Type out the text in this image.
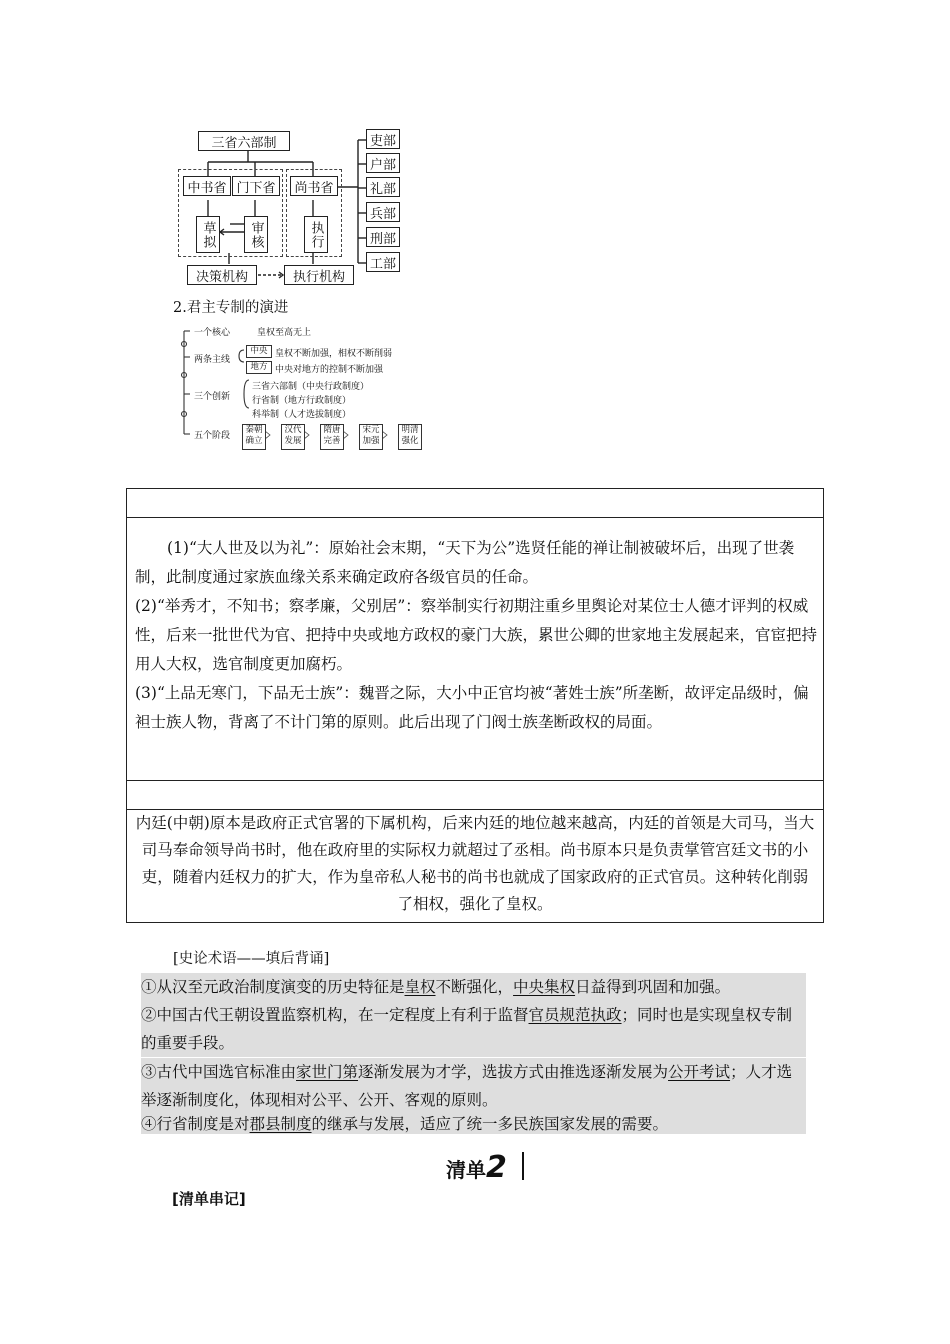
三省六部制
中书省 门下省	尚书省
草拟	审核	执行
决策机构	执行机构
吏部
户部
礼部
兵部
刑部
工部
2.君主专制的演进
一个核心	皇权至高无上
两条主线
中央 皇权不断加强，相权不断削弱
地方 中央对地方的控制不断加强
三个创新
三省六部制（中央行政制度）
行省制（地方行政制度）
科举制（人才选拔制度）
五个阶段
秦朝确立
汉代发展
隋唐完善
宋元加强
明清强化
(1)“大人世及以为礼”：原始社会末期，“天下为公”选贤任能的禅让制被破坏后，出现了世袭制，此制度通过家族血缘关系来确定政府各级官员的任命。
(2)“举秀才，不知书；察孝廉，父别居”：察举制实行初期注重乡里舆论对某位士人德才评判的权威性，后来一批世代为官、把持中央或地方政权的豪门大族，累世公卿的世家地主发展起来，官宦把持用人大权，选官制度更加腐朽。
(3)“上品无寒门，下品无士族”：魏晋之际，大小中正官均被“著姓士族”所垄断，故评定品级时，偏袒士族人物，背离了不计门第的原则。此后出现了门阀士族垄断政权的局面。
内廷(中朝)原本是政府正式官署的下属机构，后来内廷的地位越来越高，内廷的首领是大司马，当大司马奉命领导尚书时，他在政府里的实际权力就超过了丞相。尚书原本只是负责掌管宫廷文书的小吏，随着内廷权力的扩大，作为皇帝私人秘书的尚书也就成了国家政府的正式官员。这种转化削弱了相权，强化了皇权。
[史论术语——填后背诵]
①从汉至元政治制度演变的历史特征是皇权不断强化，中央集权日益得到巩固和加强。
②中国古代王朝设置监察机构，在一定程度上有利于监督官员规范执政；同时也是实现皇权专制的重要手段。
③古代中国选官标准由家世门第逐渐发展为才学，选拔方式由推选逐渐发展为公开考试；人才选举逐渐制度化，体现相对公平、公开、客观的原则。
④行省制度是对郡县制度的继承与发展，适应了统一多民族国家发展的需要。
清单2
[清单串记]
